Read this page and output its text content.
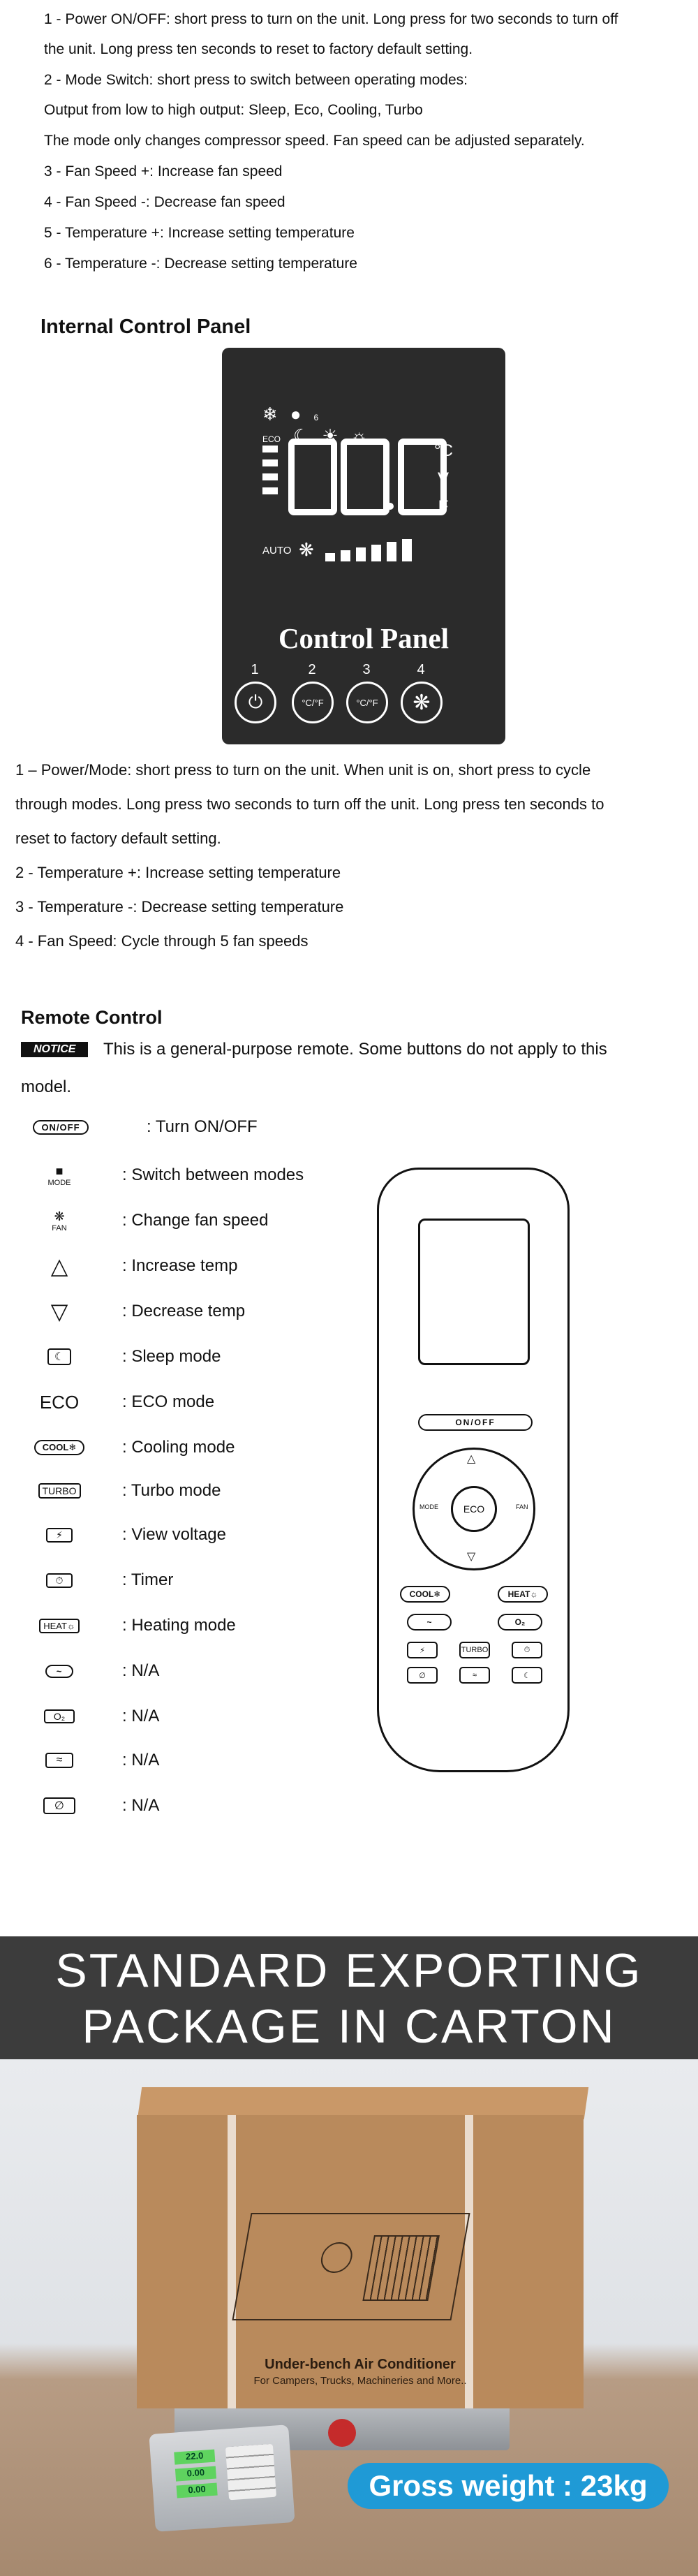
1 - Power ON/OFF: short press to turn on the unit. Long press for two seconds to turn off
the unit. Long press ten seconds to reset to factory default setting.
2 - Mode Switch: short press to switch between operating modes:
Output from low to high output: Sleep, Eco, Cooling, Turbo
The mode only changes compressor speed. Fan speed can be adjusted separately.
3 - Fan Speed +: Increase fan speed
4 - Fan Speed -: Decrease fan speed
5 - Temperature +: Increase setting temperature
6 - Temperature -: Decrease setting temperature
Internal Control Panel
❄●6
ECO ☾☀☼
°C
V
F
AUTO ❋
Control Panel
1	2	3	4
⏻	°C/°F	°C/°F	❋
1 – Power/Mode: short press to turn on the unit. When unit is on, short press to cycle
through modes. Long press two seconds to turn off the unit. Long press ten seconds to
reset to factory default setting.
2 - Temperature +: Increase setting temperature
3 - Temperature -: Decrease setting temperature
4 - Fan Speed: Cycle through 5 fan speeds
Remote Control
NOTICE	This is a general-purpose remote. Some buttons do not apply to this
model.
ON/OFF	: Turn ON/OFF
■
MODE	: Switch between modes
❋
FAN	: Change fan speed
△	: Increase temp
▽	: Decrease temp
☾	: Sleep mode
ECO	: ECO mode
COOL❄	: Cooling mode
TURBO	: Turbo mode
⚡	: View voltage
⏱	: Timer
HEAT☼	: Heating mode
~	: N/A
O₂	: N/A
≈	: N/A
∅	: N/A
ON/OFF
ECO
△
▽
MODE	FAN
COOL❄	HEAT☼
~	O₂
⚡	TURBO	⏱
∅	≈	☾
STANDARD EXPORTING
PACKAGE IN CARTON
Under-bench Air Conditioner
For Campers, Trucks, Machineries and More..
22.0
0.00
0.00	Gross weight : 23kg
